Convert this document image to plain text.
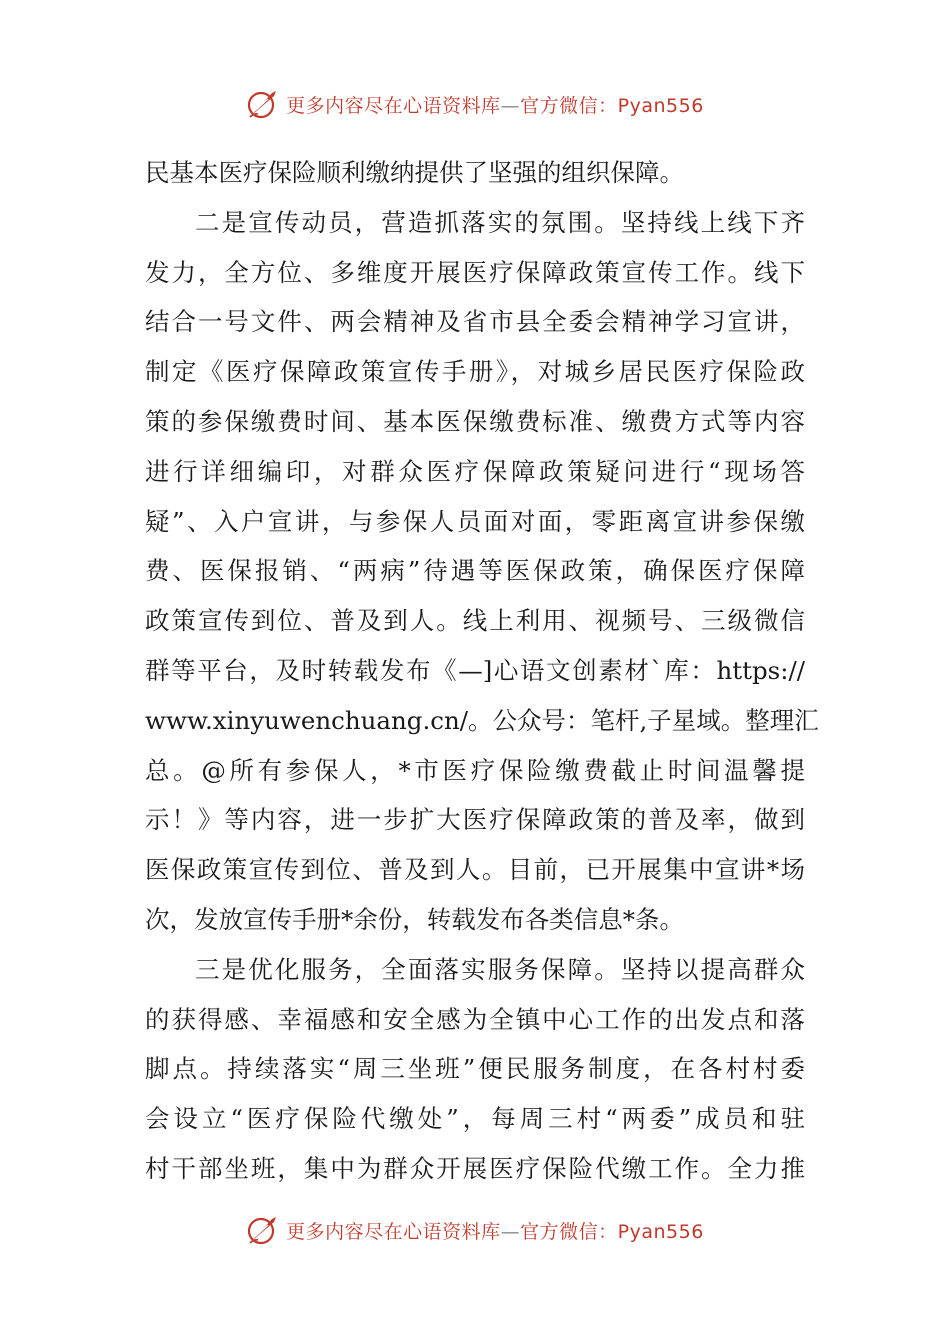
更多内容尽在心语资料库—官方微信：Pyan556
民基本医疗保险顺利缴纳提供了坚强的组织保障。
二是宣传动员，营造抓落实的氛围。坚持线上线下齐
发力，全方位、多维度开展医疗保障政策宣传工作。线下
结合一号文件、两会精神及省市县全委会精神学习宣讲，
制定《医疗保障政策宣传手册》，对城乡居民医疗保险政
策的参保缴费时间、基本医保缴费标准、缴费方式等内容
进行详细编印，对群众医疗保障政策疑问进行“现场答
疑”、入户宣讲，与参保人员面对面，零距离宣讲参保缴
费、医保报销、“两病”待遇等医保政策，确保医疗保障
政策宣传到位、普及到人。线上利用、视频号、三级微信
群等平台，及时转载发布《—]心语文创素材`库：https://
www.xinyuwenchuang.cn/。公众号：笔杆,子星域。整理汇
总。@所有参保人，*市医疗保险缴费截止时间温馨提
示！》等内容，进一步扩大医疗保障政策的普及率，做到
医保政策宣传到位、普及到人。目前，已开展集中宣讲*场
次，发放宣传手册*余份，转载发布各类信息*条。
三是优化服务，全面落实服务保障。坚持以提高群众
的获得感、幸福感和安全感为全镇中心工作的出发点和落
脚点。持续落实“周三坐班”便民服务制度，在各村村委
会设立“医疗保险代缴处”，每周三村“两委”成员和驻
村干部坐班，集中为群众开展医疗保险代缴工作。全力推
更多内容尽在心语资料库—官方微信：Pyan556
